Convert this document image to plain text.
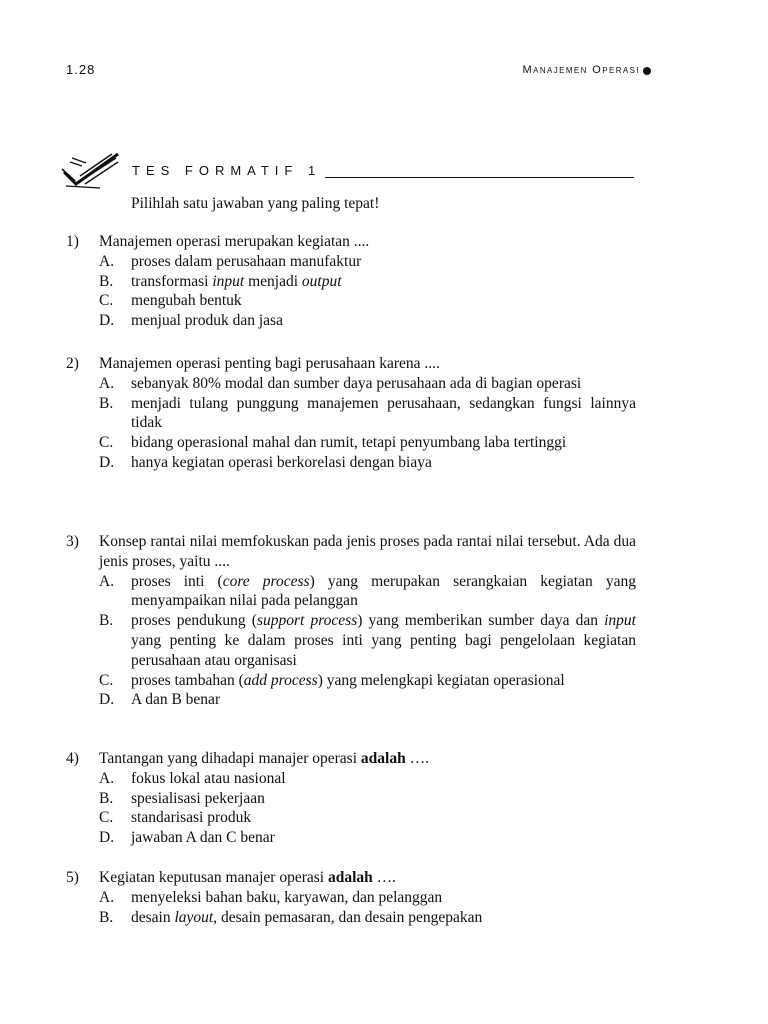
1.28	Manajemen Operasi
TES FORMATIF 1
Pilihlah satu jawaban yang paling tepat!
1)	Manajemen operasi merupakan kegiatan ....
A.	proses dalam perusahaan manufaktur
B.	transformasi input menjadi output
C.	mengubah bentuk
D.	menjual produk dan jasa
2)	Manajemen operasi penting bagi perusahaan karena ....
A.	sebanyak 80% modal dan sumber daya perusahaan ada di bagian operasi
B.	menjadi tulang punggung manajemen perusahaan, sedangkan fungsi lainnya tidak
C.	bidang operasional mahal dan rumit, tetapi penyumbang laba tertinggi
D.	hanya kegiatan operasi berkorelasi dengan biaya
3)	Konsep rantai nilai memfokuskan pada jenis proses pada rantai nilai tersebut. Ada dua jenis proses, yaitu ....
A.	proses inti (core process) yang merupakan serangkaian kegiatan yang menyampaikan nilai pada pelanggan
B.	proses pendukung (support process) yang memberikan sumber daya dan input yang penting ke dalam proses inti yang penting bagi pengelolaan kegiatan perusahaan atau organisasi
C.	proses tambahan (add process) yang melengkapi kegiatan operasional
D.	A dan B benar
4)	Tantangan yang dihadapi manajer operasi adalah ….
A.	fokus lokal atau nasional
B.	spesialisasi pekerjaan
C.	standarisasi produk
D.	jawaban A dan C benar
5)	Kegiatan keputusan manajer operasi adalah ….
A.	menyeleksi bahan baku, karyawan, dan pelanggan
B.	desain layout, desain pemasaran, dan desain pengepakan
